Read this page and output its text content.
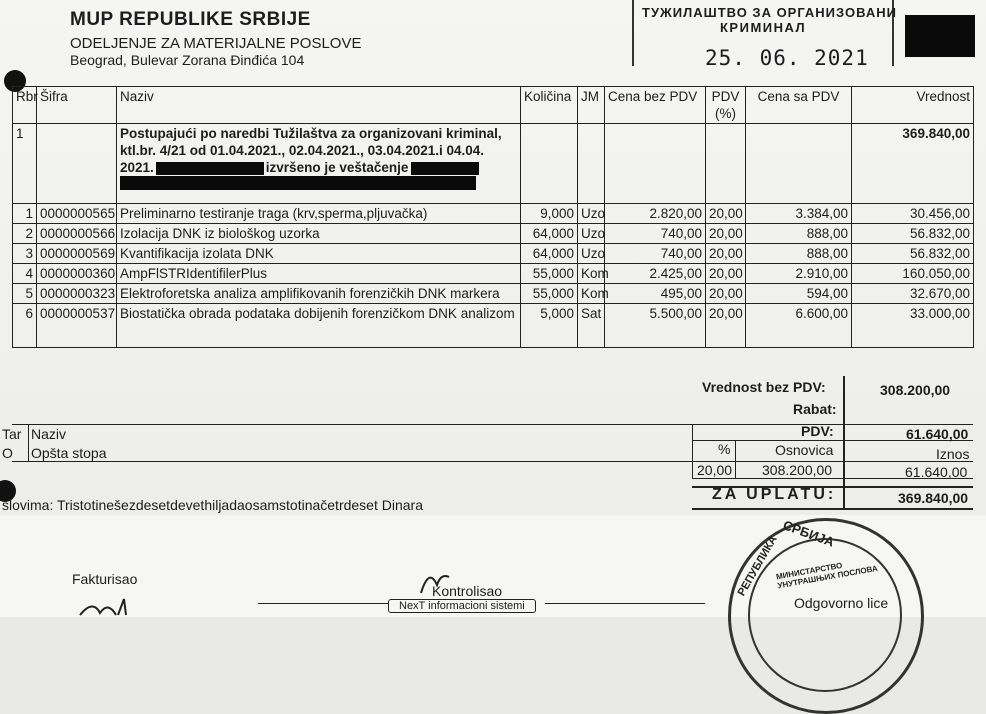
MUP REPUBLIKE SRBIJE
ODELJENJE ZA MATERIJALNE POSLOVE
Beograd, Bulevar Zorana Đinđića 104
ТУЖИЛАШТВО ЗА ОРГАНИЗОВАНИ
КРИМИНАЛ
25. 06. 2021
Rbr	Šifra	Naziv	Količina	JM	Cena bez PDV	PDV (%)	Cena sa PDV	Vrednost
1		Postupajući po naredbi Tužilaštva za organizovani kriminal,
ktl.br. 4/21 od 01.04.2021., 02.04.2021., 03.04.2021.i 04.04.
2021. izvršeno je veštačenje						369.840,00
1	0000000565	Preliminarno testiranje traga (krv,sperma,pljuvačka)	9,000	Uzo	2.820,00	20,00	3.384,00	30.456,00
2	0000000566	Izolacija DNK iz biološkog uzorka	64,000	Uzo	740,00	20,00	888,00	56.832,00
3	0000000569	Kvantifikacija izolata DNK	64,000	Uzo	740,00	20,00	888,00	56.832,00
4	0000000360	AmpFlSTRIdentifilerPlus	55,000	Kom	2.425,00	20,00	2.910,00	160.050,00
5	0000000323	Elektroforetska analiza amplifikovanih forenzičkih DNK markera	55,000	Kom	495,00	20,00	594,00	32.670,00
6	0000000537	Biostatička obrada podataka dobijenih forenzičkom DNK analizom	5,000	Sat	5.500,00	20,00	6.600,00	33.000,00
Vrednost bez PDV:	308.200,00
Rabat:
PDV:	61.640,00
Tar Naziv
O Opšta stopa	%	Osnovica	Iznos
20,00 308.200,00	61.640,00
ZA UPLATU:	369.840,00
slovima: Tristotinešezdesetdevethiljadaosamstotinačetrdeset Dinara
Fakturisao
Kontrolisao
NexT informacioni sistemi	Odgovorno lice
СРБИЈА
РЕПУБЛИКА
МИНИСТАРСТВО УНУТРАШЊИХ ПОСЛОВА
